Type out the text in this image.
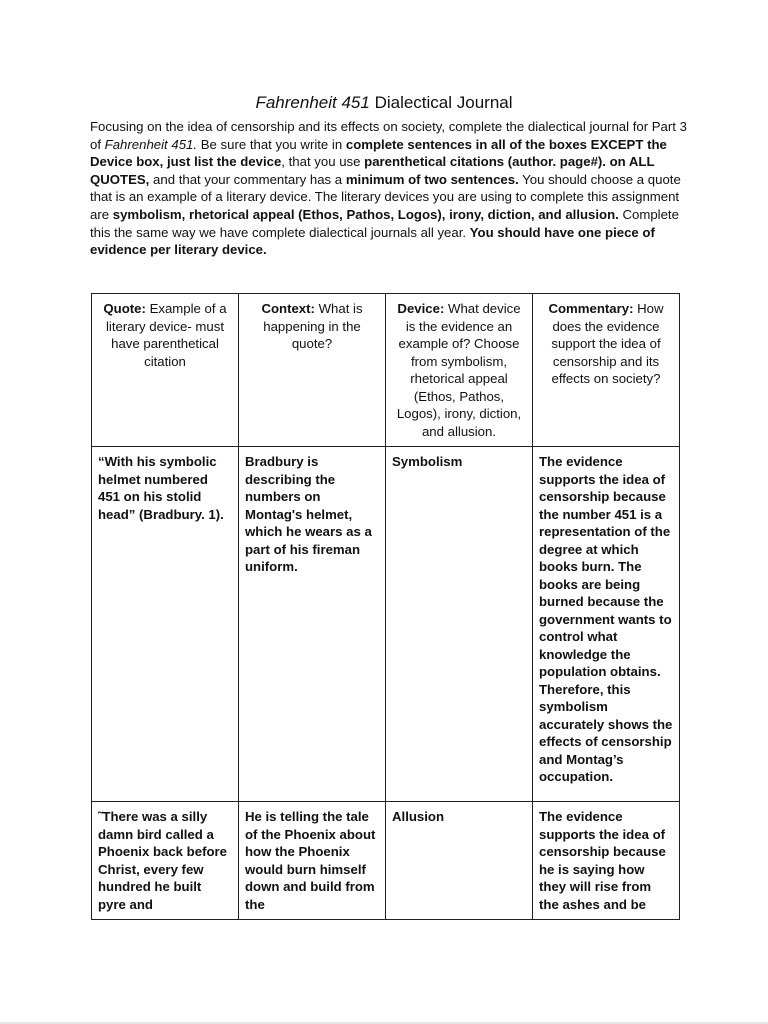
Fahrenheit 451 Dialectical Journal
Focusing on the idea of censorship and its effects on society, complete the dialectical journal for Part 3 of Fahrenheit 451. Be sure that you write in complete sentences in all of the boxes EXCEPT the Device box, just list the device, that you use parenthetical citations (author. page#). on ALL QUOTES, and that your commentary has a minimum of two sentences. You should choose a quote that is an example of a literary device. The literary devices you are using to complete this assignment are symbolism, rhetorical appeal (Ethos, Pathos, Logos), irony, diction, and allusion. Complete this the same way we have complete dialectical journals all year. You should have one piece of evidence per literary device.
Quote: Example of a literary device- must have parenthetical citation	Context: What is happening in the quote?	Device: What device is the evidence an example of? Choose from symbolism, rhetorical appeal (Ethos, Pathos, Logos), irony, diction, and allusion.	Commentary: How does the evidence support the idea of censorship and its effects on society?
“With his symbolic helmet numbered 451 on his stolid head” (Bradbury. 1).	Bradbury is describing the numbers on Montag's helmet, which he wears as a part of his fireman uniform.	Symbolism	The evidence supports the idea of censorship because the number 451 is a representation of the degree at which books burn. The books are being burned because the government wants to control what knowledge the population obtains. Therefore, this symbolism accurately shows the effects of censorship and Montag’s occupation.
˜There was a silly damn bird called a Phoenix back before Christ, every few hundred he built pyre and	He is telling the tale of the Phoenix about how the Phoenix would burn himself down and build from the	Allusion	The evidence supports the idea of censorship because he is saying how they will rise from the ashes and be
